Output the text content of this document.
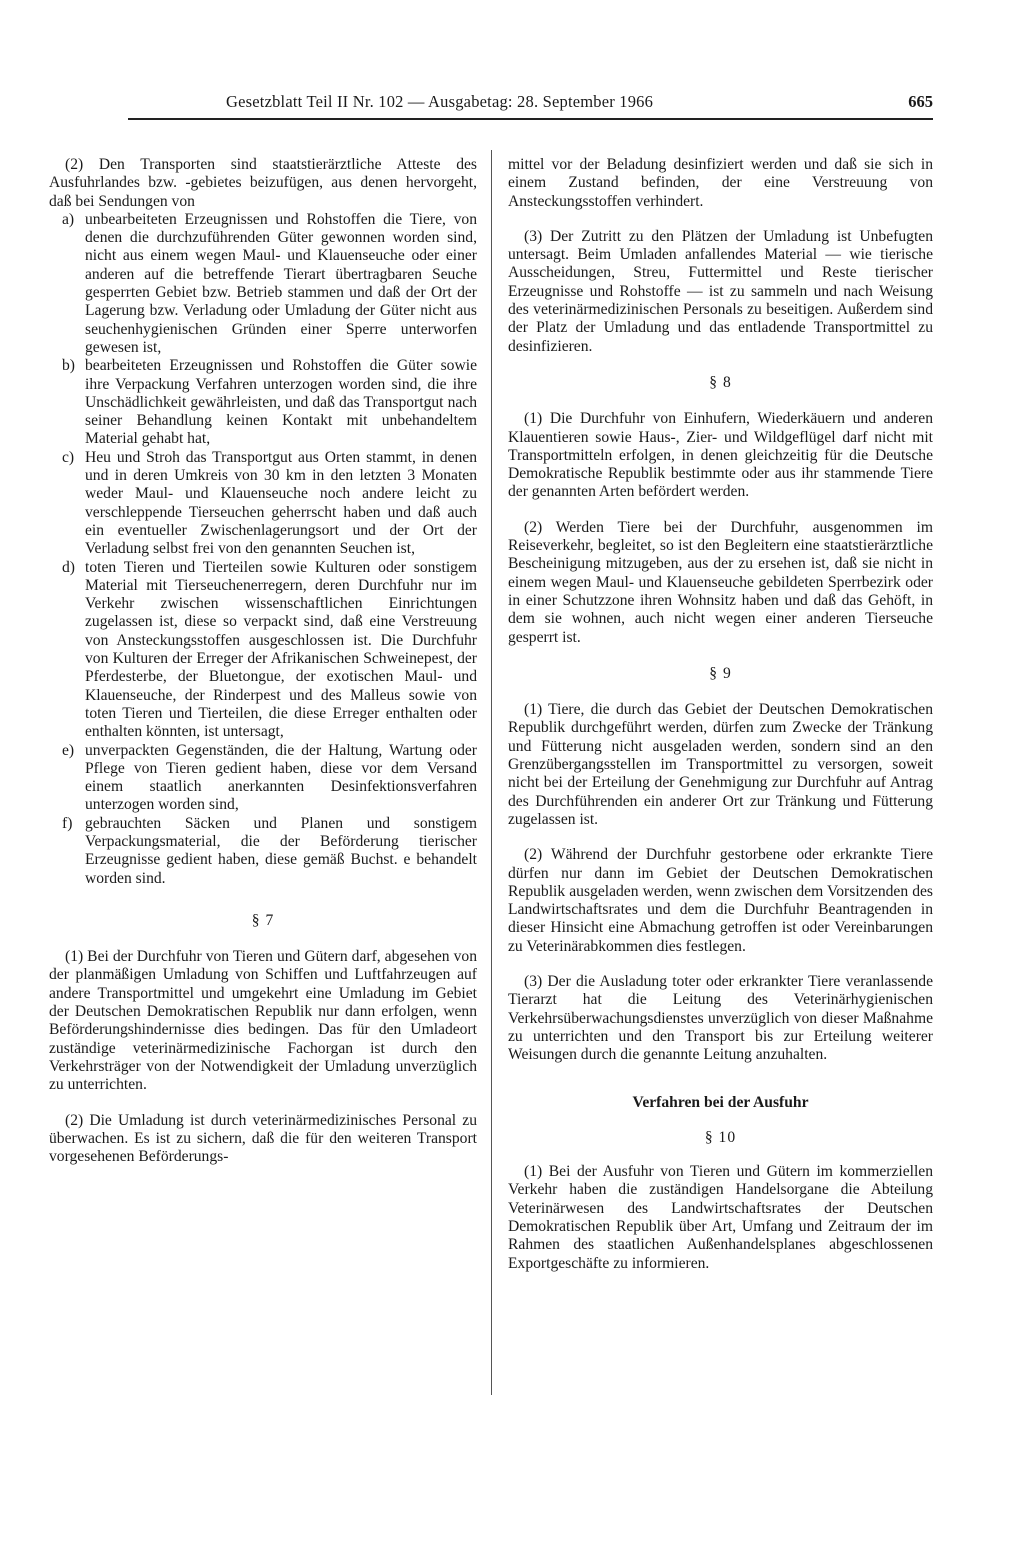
Gesetzblatt Teil II Nr. 102 — Ausgabetag: 28. September 1966	665

(2) Den Transporten sind staatstierärztliche Atteste des Ausfuhrlandes bzw. -gebietes beizufügen, aus denen hervorgeht, daß bei Sendungen von

a) unbearbeiteten Erzeugnissen und Rohstoffen die Tiere, von denen die durchzuführenden Güter gewonnen worden sind, nicht aus einem wegen Maul- und Klauenseuche oder einer anderen auf die betreffende Tierart übertragbaren Seuche gesperrten Gebiet bzw. Betrieb stammen und daß der Ort der Lagerung bzw. Verladung oder Umladung der Güter nicht aus seuchenhygienischen Gründen einer Sperre unterworfen gewesen ist,
b) bearbeiteten Erzeugnissen und Rohstoffen die Güter sowie ihre Verpackung Verfahren unterzogen worden sind, die ihre Unschädlichkeit gewährleisten, und daß das Transportgut nach seiner Behandlung keinen Kontakt mit unbehandeltem Material gehabt hat,
c) Heu und Stroh das Transportgut aus Orten stammt, in denen und in deren Umkreis von 30 km in den letzten 3 Monaten weder Maul- und Klauenseuche noch andere leicht zu verschleppende Tierseuchen geherrscht haben und daß auch ein eventueller Zwischenlagerungsort und der Ort der Verladung selbst frei von den genannten Seuchen ist,
d) toten Tieren und Tierteilen sowie Kulturen oder sonstigem Material mit Tierseuchenerregern, deren Durchfuhr nur im Verkehr zwischen wissenschaftlichen Einrichtungen zugelassen ist, diese so verpackt sind, daß eine Verstreuung von Ansteckungsstoffen ausgeschlossen ist. Die Durchfuhr von Kulturen der Erreger der Afrikanischen Schweinepest, der Pferdesterbe, der Bluetongue, der exotischen Maul- und Klauenseuche, der Rinderpest und des Malleus sowie von toten Tieren und Tierteilen, die diese Erreger enthalten oder enthalten könnten, ist untersagt,
e) unverpackten Gegenständen, die der Haltung, Wartung oder Pflege von Tieren gedient haben, diese vor dem Versand einem staatlich anerkannten Desinfektionsverfahren unterzogen worden sind,
f) gebrauchten Säcken und Planen und sonstigem Verpackungsmaterial, die der Beförderung tierischer Erzeugnisse gedient haben, diese gemäß Buchst. e behandelt worden sind.

§ 7

(1) Bei der Durchfuhr von Tieren und Gütern darf, abgesehen von der planmäßigen Umladung von Schiffen und Luftfahrzeugen auf andere Transportmittel und umgekehrt eine Umladung im Gebiet der Deutschen Demokratischen Republik nur dann erfolgen, wenn Beförderungshindernisse dies bedingen. Das für den Umladeort zuständige veterinärmedizinische Fachorgan ist durch den Verkehrsträger von der Notwendigkeit der Umladung unverzüglich zu unterrichten.

(2) Die Umladung ist durch veterinärmedizinisches Personal zu überwachen. Es ist zu sichern, daß die für den weiteren Transport vorgesehenen Beförderungs-

mittel vor der Beladung desinfiziert werden und daß sie sich in einem Zustand befinden, der eine Verstreuung von Ansteckungsstoffen verhindert.

(3) Der Zutritt zu den Plätzen der Umladung ist Unbefugten untersagt. Beim Umladen anfallendes Material — wie tierische Ausscheidungen, Streu, Futtermittel und Reste tierischer Erzeugnisse und Rohstoffe — ist zu sammeln und nach Weisung des veterinärmedizinischen Personals zu beseitigen. Außerdem sind der Platz der Umladung und das entladende Transportmittel zu desinfizieren.

§ 8

(1) Die Durchfuhr von Einhufern, Wiederkäuern und anderen Klauentieren sowie Haus-, Zier- und Wildgeflügel darf nicht mit Transportmitteln erfolgen, in denen gleichzeitig für die Deutsche Demokratische Republik bestimmte oder aus ihr stammende Tiere der genannten Arten befördert werden.

(2) Werden Tiere bei der Durchfuhr, ausgenommen im Reiseverkehr, begleitet, so ist den Begleitern eine staatstierärztliche Bescheinigung mitzugeben, aus der zu ersehen ist, daß sie nicht in einem wegen Maul- und Klauenseuche gebildeten Sperrbezirk oder in einer Schutzzone ihren Wohnsitz haben und daß das Gehöft, in dem sie wohnen, auch nicht wegen einer anderen Tierseuche gesperrt ist.

§ 9

(1) Tiere, die durch das Gebiet der Deutschen Demokratischen Republik durchgeführt werden, dürfen zum Zwecke der Tränkung und Fütterung nicht ausgeladen werden, sondern sind an den Grenzübergangsstellen im Transportmittel zu versorgen, soweit nicht bei der Erteilung der Genehmigung zur Durchfuhr auf Antrag des Durchführenden ein anderer Ort zur Tränkung und Fütterung zugelassen ist.

(2) Während der Durchfuhr gestorbene oder erkrankte Tiere dürfen nur dann im Gebiet der Deutschen Demokratischen Republik ausgeladen werden, wenn zwischen dem Vorsitzenden des Landwirtschaftsrates und dem die Durchfuhr Beantragenden in dieser Hinsicht eine Abmachung getroffen ist oder Vereinbarungen zu Veterinärabkommen dies festlegen.

(3) Der die Ausladung toter oder erkrankter Tiere veranlassende Tierarzt hat die Leitung des Veterinärhygienischen Verkehrsüberwachungsdienstes unverzüglich von dieser Maßnahme zu unterrichten und den Transport bis zur Erteilung weiterer Weisungen durch die genannte Leitung anzuhalten.

Verfahren bei der Ausfuhr

§ 10

(1) Bei der Ausfuhr von Tieren und Gütern im kommerziellen Verkehr haben die zuständigen Handelsorgane die Abteilung Veterinärwesen des Landwirtschaftsrates der Deutschen Demokratischen Republik über Art, Umfang und Zeitraum der im Rahmen des staatlichen Außenhandelsplanes abgeschlossenen Exportgeschäfte zu informieren.
